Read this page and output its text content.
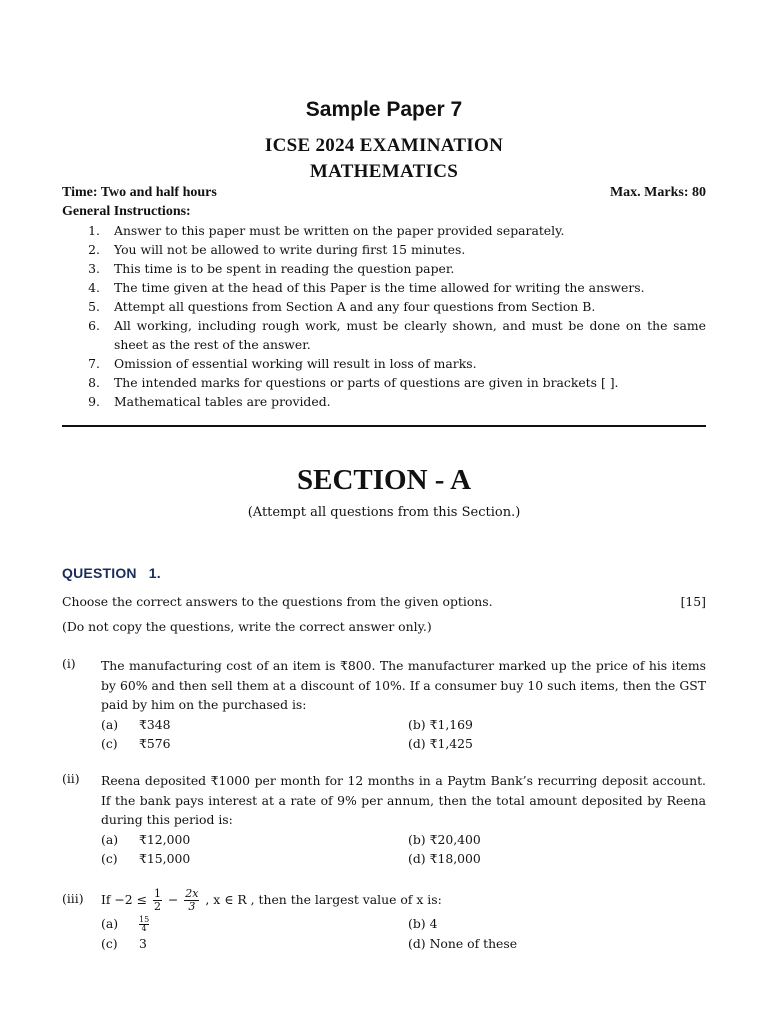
Sample Paper 7
ICSE 2024 EXAMINATION
MATHEMATICS
Time: Two and half hours	Max. Marks: 80
General Instructions:
1. Answer to this paper must be written on the paper provided separately.
2. You will not be allowed to write during first 15 minutes.
3. This time is to be spent in reading the question paper.
4. The time given at the head of this Paper is the time allowed for writing the answers.
5. Attempt all questions from Section A and any four questions from Section B.
6. All working, including rough work, must be clearly shown, and must be done on the same sheet as the rest of the answer.
7. Omission of essential working will result in loss of marks.
8. The intended marks for questions or parts of questions are given in brackets [ ].
9. Mathematical tables are provided.
SECTION - A
(Attempt all questions from this Section.)
QUESTION 1.
Choose the correct answers to the questions from the given options.	[15]
(Do not copy the questions, write the correct answer only.)
(i) The manufacturing cost of an item is ₹800. The manufacturer marked up the price of his items by 60% and then sell them at a discount of 10%. If a consumer buy 10 such items, then the GST paid by him on the purchased is:
(a) ₹348	(b) ₹1,169
(c) ₹576	(d) ₹1,425
(ii) Reena deposited ₹1000 per month for 12 months in a Paytm Bank’s recurring deposit account. If the bank pays interest at a rate of 9% per annum, then the total amount deposited by Reena during this period is:
(a) ₹12,000	(b) ₹20,400
(c) ₹15,000	(d) ₹18,000
(iii) $If -2 \le \frac{1}{2} - \frac{2x}{3}$ , x ∈ R , then the largest value of x is:
(a)	$\frac{15}{4}$	(b) 4
(c) 3	(d) None of these
